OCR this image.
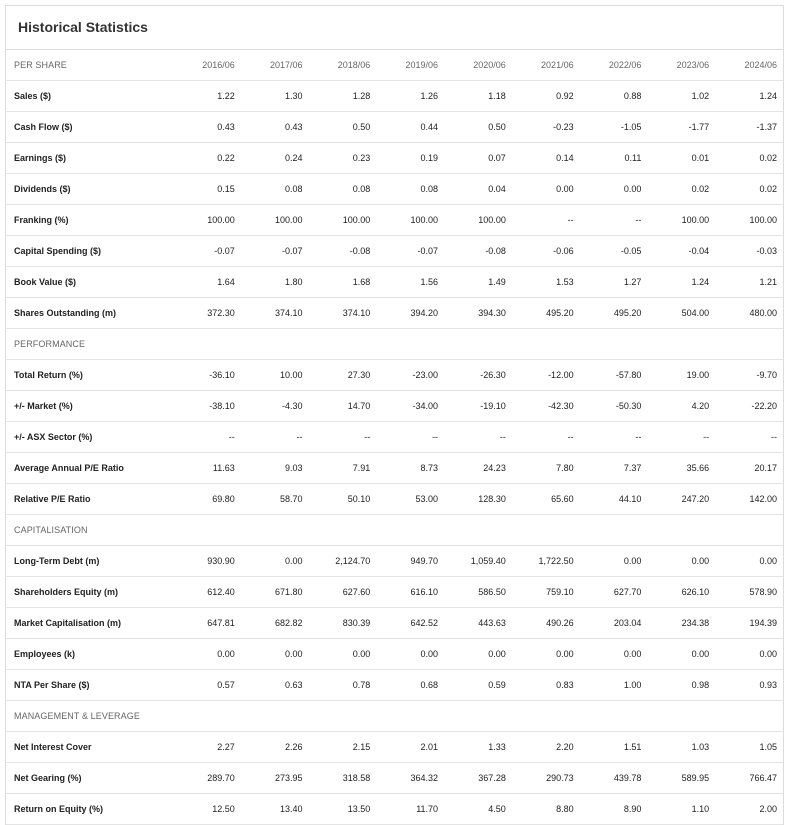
Historical Statistics
PER SHARE	2016/06	2017/06	2018/06	2019/06	2020/06	2021/06	2022/06	2023/06	2024/06
Sales ($)	1.22	1.30	1.28	1.26	1.18	0.92	0.88	1.02	1.24
Cash Flow ($)	0.43	0.43	0.50	0.44	0.50	-0.23	-1.05	-1.77	-1.37
Earnings ($)	0.22	0.24	0.23	0.19	0.07	0.14	0.11	0.01	0.02
Dividends ($)	0.15	0.08	0.08	0.08	0.04	0.00	0.00	0.02	0.02
Franking (%)	100.00	100.00	100.00	100.00	100.00	--	--	100.00	100.00
Capital Spending ($)	-0.07	-0.07	-0.08	-0.07	-0.08	-0.06	-0.05	-0.04	-0.03
Book Value ($)	1.64	1.80	1.68	1.56	1.49	1.53	1.27	1.24	1.21
Shares Outstanding (m)	372.30	374.10	374.10	394.20	394.30	495.20	495.20	504.00	480.00
PERFORMANCE									
Total Return (%)	-36.10	10.00	27.30	-23.00	-26.30	-12.00	-57.80	19.00	-9.70
+/- Market (%)	-38.10	-4.30	14.70	-34.00	-19.10	-42.30	-50.30	4.20	-22.20
+/- ASX Sector (%)	--	--	--	--	--	--	--	--	--
Average Annual P/E Ratio	11.63	9.03	7.91	8.73	24.23	7.80	7.37	35.66	20.17
Relative P/E Ratio	69.80	58.70	50.10	53.00	128.30	65.60	44.10	247.20	142.00
CAPITALISATION									
Long-Term Debt (m)	930.90	0.00	2,124.70	949.70	1,059.40	1,722.50	0.00	0.00	0.00
Shareholders Equity (m)	612.40	671.80	627.60	616.10	586.50	759.10	627.70	626.10	578.90
Market Capitalisation (m)	647.81	682.82	830.39	642.52	443.63	490.26	203.04	234.38	194.39
Employees (k)	0.00	0.00	0.00	0.00	0.00	0.00	0.00	0.00	0.00
NTA Per Share ($)	0.57	0.63	0.78	0.68	0.59	0.83	1.00	0.98	0.93
MANAGEMENT & LEVERAGE									
Net Interest Cover	2.27	2.26	2.15	2.01	1.33	2.20	1.51	1.03	1.05
Net Gearing (%)	289.70	273.95	318.58	364.32	367.28	290.73	439.78	589.95	766.47
Return on Equity (%)	12.50	13.40	13.50	11.70	4.50	8.80	8.90	1.10	2.00
